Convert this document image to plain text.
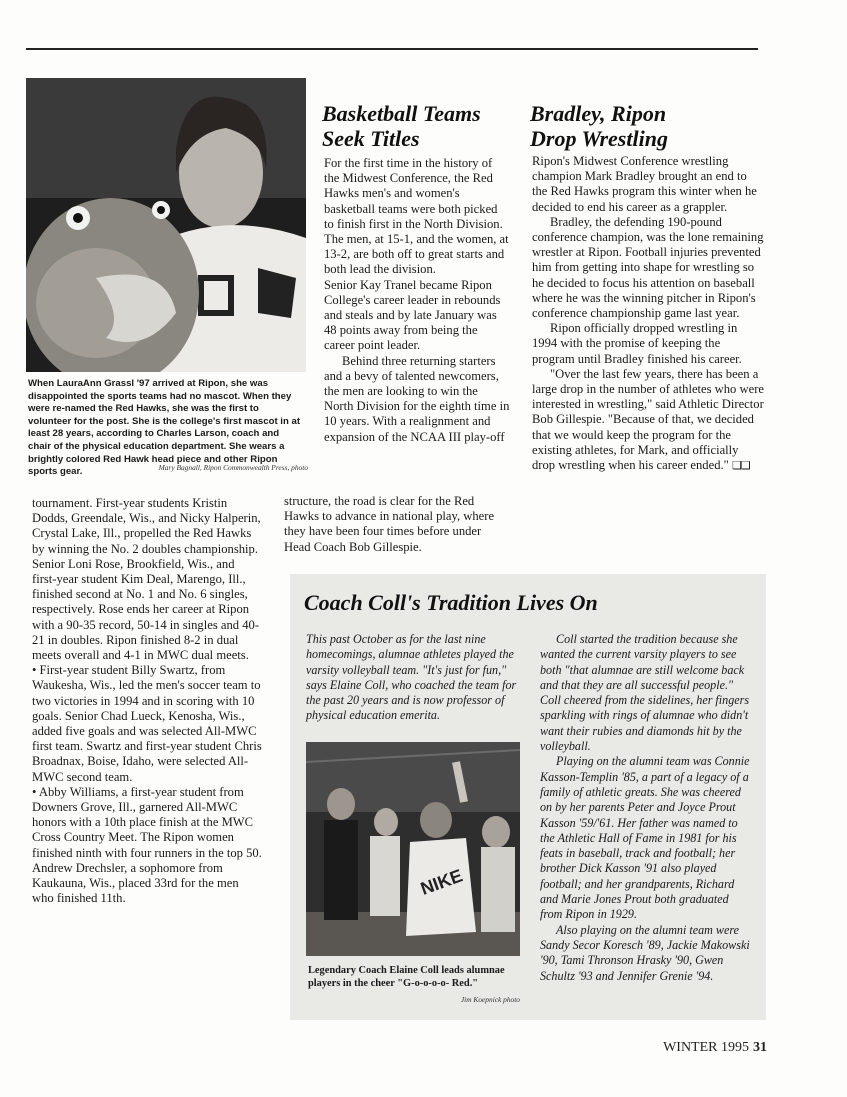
When LauraAnn Grassl '97 arrived at Ripon, she was disappointed the sports teams had no mascot. When they were re-named the Red Hawks, she was the first to volunteer for the post. She is the college's first mascot in at least 28 years, according to Charles Larson, coach and chair of the physical education department. She wears a brightly colored Red Hawk head piece and other Ripon sports gear.	Mary Bagnall, Ripon Commonwealth Press, photo
Basketball Teams
Seek Titles

For the first time in the history of the Midwest Conference, the Red Hawks men's and women's basketball teams were both picked to finish first in the North Division. The men, at 15-1, and the women, at 13-2, are both off to great starts and both lead the division.

Senior Kay Tranel became Ripon College's career leader in rebounds and steals and by late January was 48 points away from being the career point leader.

Behind three returning starters and a bevy of talented newcomers, the men are looking to win the North Division for the eighth time in 10 years. With a realignment and expansion of the NCAA III play-off

structure, the road is clear for the Red Hawks to advance in national play, where they have been four times before under Head Coach Bob Gillespie.

Bradley, Ripon
Drop Wrestling

Ripon's Midwest Conference wrestling champion Mark Bradley brought an end to the Red Hawks program this winter when he decided to end his career as a grappler.

Bradley, the defending 190-pound conference champion, was the lone remaining wrestler at Ripon. Football injuries prevented him from getting into shape for wrestling so he decided to focus his attention on baseball where he was the winning pitcher in Ripon's conference championship game last year.

Ripon officially dropped wrestling in 1994 with the promise of keeping the program until Bradley finished his career.

"Over the last few years, there has been a large drop in the number of athletes who were interested in wrestling," said Athletic Director Bob Gillespie. "Because of that, we decided that we would keep the program for the existing athletes, for Mark, and officially drop wrestling when his career ended." ❑❑

tournament. First-year students Kristin Dodds, Greendale, Wis., and Nicky Halperin, Crystal Lake, Ill., propelled the Red Hawks by winning the No. 2 doubles championship. Senior Loni Rose, Brookfield, Wis., and first-year student Kim Deal, Marengo, Ill., finished second at No. 1 and No. 6 singles, respectively. Rose ends her career at Ripon with a 90-35 record, 50-14 in singles and 40-21 in doubles. Ripon finished 8-2 in dual meets overall and 4-1 in MWC dual meets.

• First-year student Billy Swartz, from Waukesha, Wis., led the men's soccer team to two victories in 1994 and in scoring with 10 goals. Senior Chad Lueck, Kenosha, Wis., added five goals and was selected All-MWC first team. Swartz and first-year student Chris Broadnax, Boise, Idaho, were selected All-MWC second team.

• Abby Williams, a first-year student from Downers Grove, Ill., garnered All-MWC honors with a 10th place finish at the MWC Cross Country Meet. The Ripon women finished ninth with four runners in the top 50. Andrew Drechsler, a sophomore from Kaukauna, Wis., placed 33rd for the men who finished 11th.

Coach Coll's Tradition Lives On

This past October as for the last nine homecomings, alumnae athletes played the varsity volleyball team. "It's just for fun," says Elaine Coll, who coached the team for the past 20 years and is now professor of physical education emerita.

NIKE
Legendary Coach Elaine Coll leads alumnae players in the cheer "G-o-o-o-o- Red."
Jim Koepnick photo

Coll started the tradition because she wanted the current varsity players to see both "that alumnae are still welcome back and that they are all successful people." Coll cheered from the sidelines, her fingers sparkling with rings of alumnae who didn't want their rubies and diamonds hit by the volleyball.

Playing on the alumni team was Connie Kasson-Templin '85, a part of a legacy of a family of athletic greats. She was cheered on by her parents Peter and Joyce Prout Kasson '59/'61. Her father was named to the Athletic Hall of Fame in 1981 for his feats in baseball, track and football; her brother Dick Kasson '91 also played football; and her grandparents, Richard and Marie Jones Prout both graduated from Ripon in 1929.

Also playing on the alumni team were Sandy Secor Koresch '89, Jackie Makowski '90, Tami Thronson Hrasky '90, Gwen Schultz '93 and Jennifer Grenie '94.

WINTER 1995 31
